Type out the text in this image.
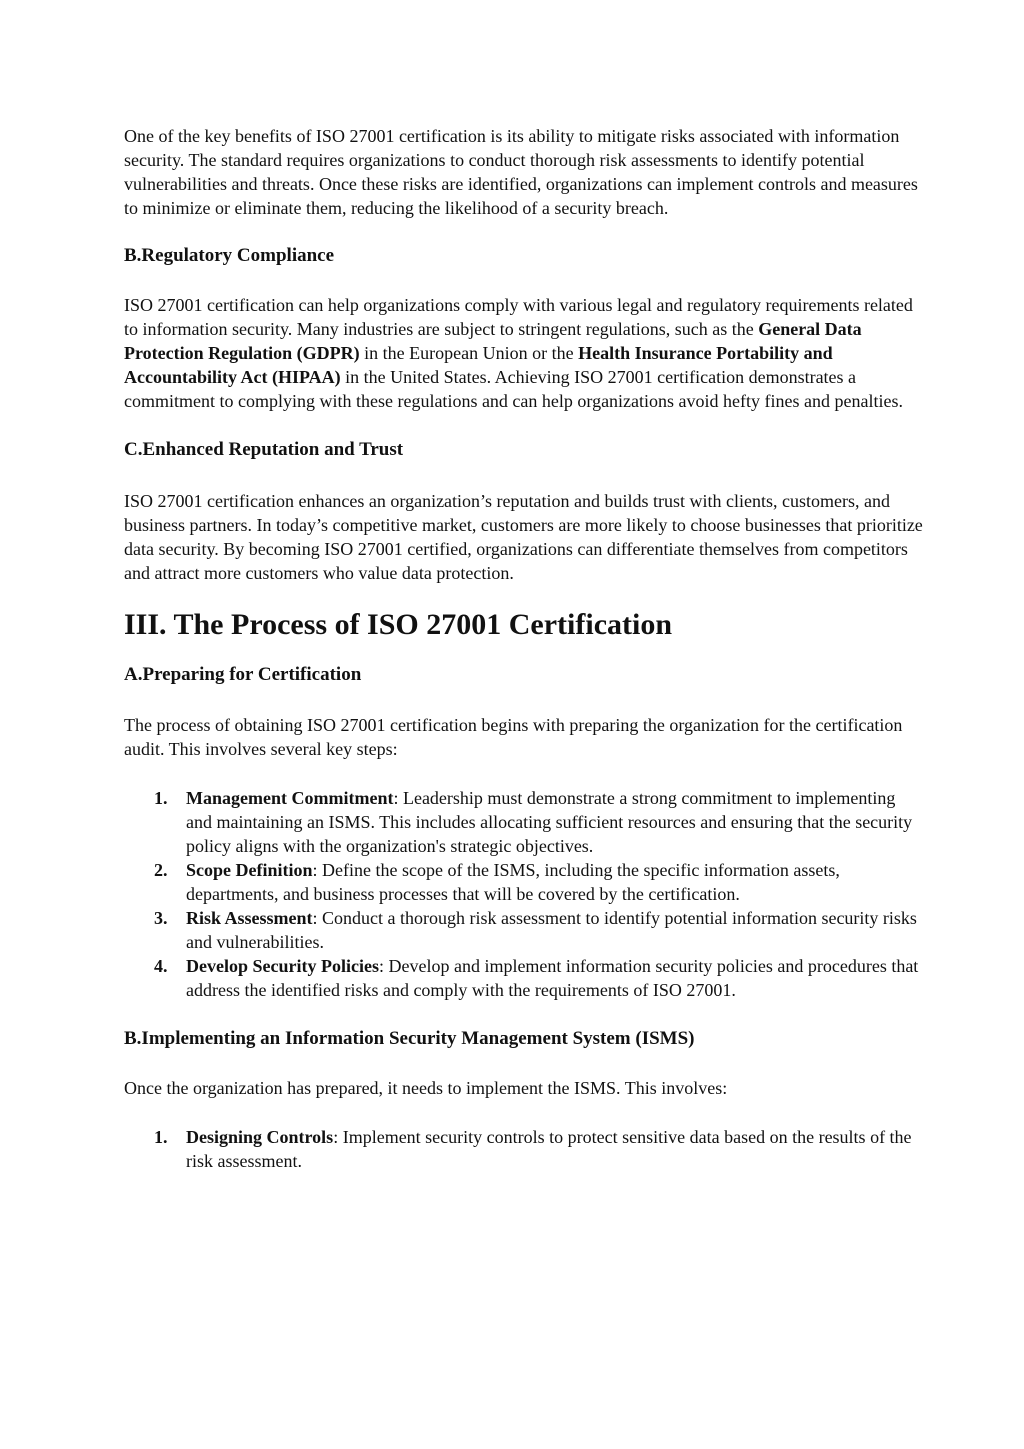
One of the key benefits of ISO 27001 certification is its ability to mitigate risks associated with information security. The standard requires organizations to conduct thorough risk assessments to identify potential vulnerabilities and threats. Once these risks are identified, organizations can implement controls and measures to minimize or eliminate them, reducing the likelihood of a security breach.

B.Regulatory Compliance

ISO 27001 certification can help organizations comply with various legal and regulatory requirements related to information security. Many industries are subject to stringent regulations, such as the General Data Protection Regulation (GDPR) in the European Union or the Health Insurance Portability and Accountability Act (HIPAA) in the United States. Achieving ISO 27001 certification demonstrates a commitment to complying with these regulations and can help organizations avoid hefty fines and penalties.

C.Enhanced Reputation and Trust

ISO 27001 certification enhances an organization’s reputation and builds trust with clients, customers, and business partners. In today’s competitive market, customers are more likely to choose businesses that prioritize data security. By becoming ISO 27001 certified, organizations can differentiate themselves from competitors and attract more customers who value data protection.

III. The Process of ISO 27001 Certification
A.Preparing for Certification

The process of obtaining ISO 27001 certification begins with preparing the organization for the certification audit. This involves several key steps:

1. Management Commitment: Leadership must demonstrate a strong commitment to implementing and maintaining an ISMS. This includes allocating sufficient resources and ensuring that the security policy aligns with the organization's strategic objectives.
2. Scope Definition: Define the scope of the ISMS, including the specific information assets, departments, and business processes that will be covered by the certification.
3. Risk Assessment: Conduct a thorough risk assessment to identify potential information security risks and vulnerabilities.
4. Develop Security Policies: Develop and implement information security policies and procedures that address the identified risks and comply with the requirements of ISO 27001.
B.Implementing an Information Security Management System (ISMS)

Once the organization has prepared, it needs to implement the ISMS. This involves:

1. Designing Controls: Implement security controls to protect sensitive data based on the results of the risk assessment.
